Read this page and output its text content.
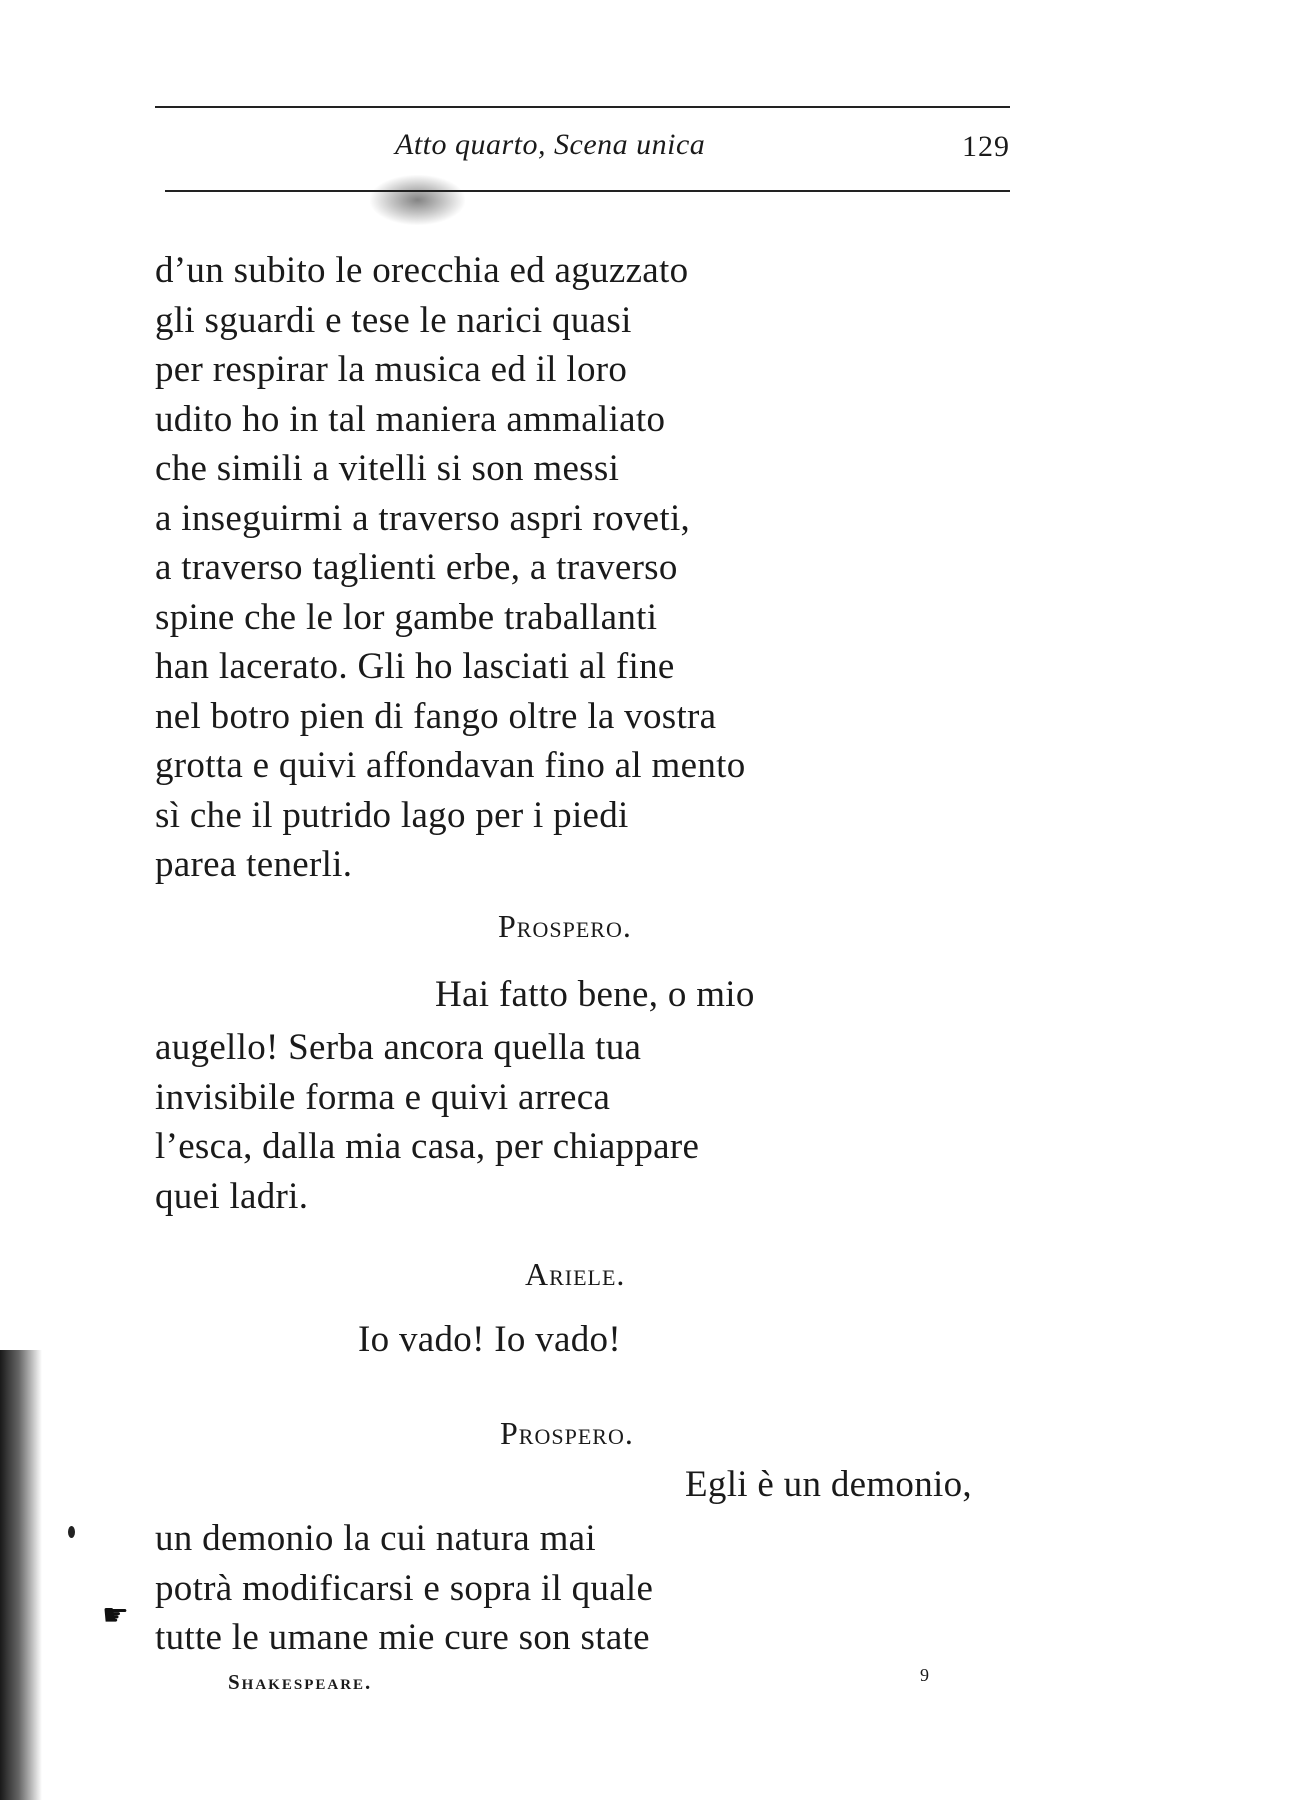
Atto quarto, Scena unica	129
d’un subito le orecchia ed aguzzato
gli sguardi e tese le narici quasi
per respirar la musica ed il loro
udito ho in tal maniera ammaliato
che simili a vitelli si son messi
a inseguirmi a traverso aspri roveti,
a traverso taglienti erbe, a traverso
spine che le lor gambe traballanti
han lacerato. Gli ho lasciati al fine
nel botro pien di fango oltre la vostra
grotta e quivi affondavan fino al mento
sì che il putrido lago per i piedi
parea tenerli.
Prospero.
Hai fatto bene, o mio
augello! Serba ancora quella tua
invisibile forma e quivi arreca
l’esca, dalla mia casa, per chiappare
quei ladri.
Ariele.
Io vado! Io vado!
Prospero.
Egli è un demonio,
un demonio la cui natura mai
potrà modificarsi e sopra il quale
tutte le umane mie cure son state
Shakespeare.	9
☛
